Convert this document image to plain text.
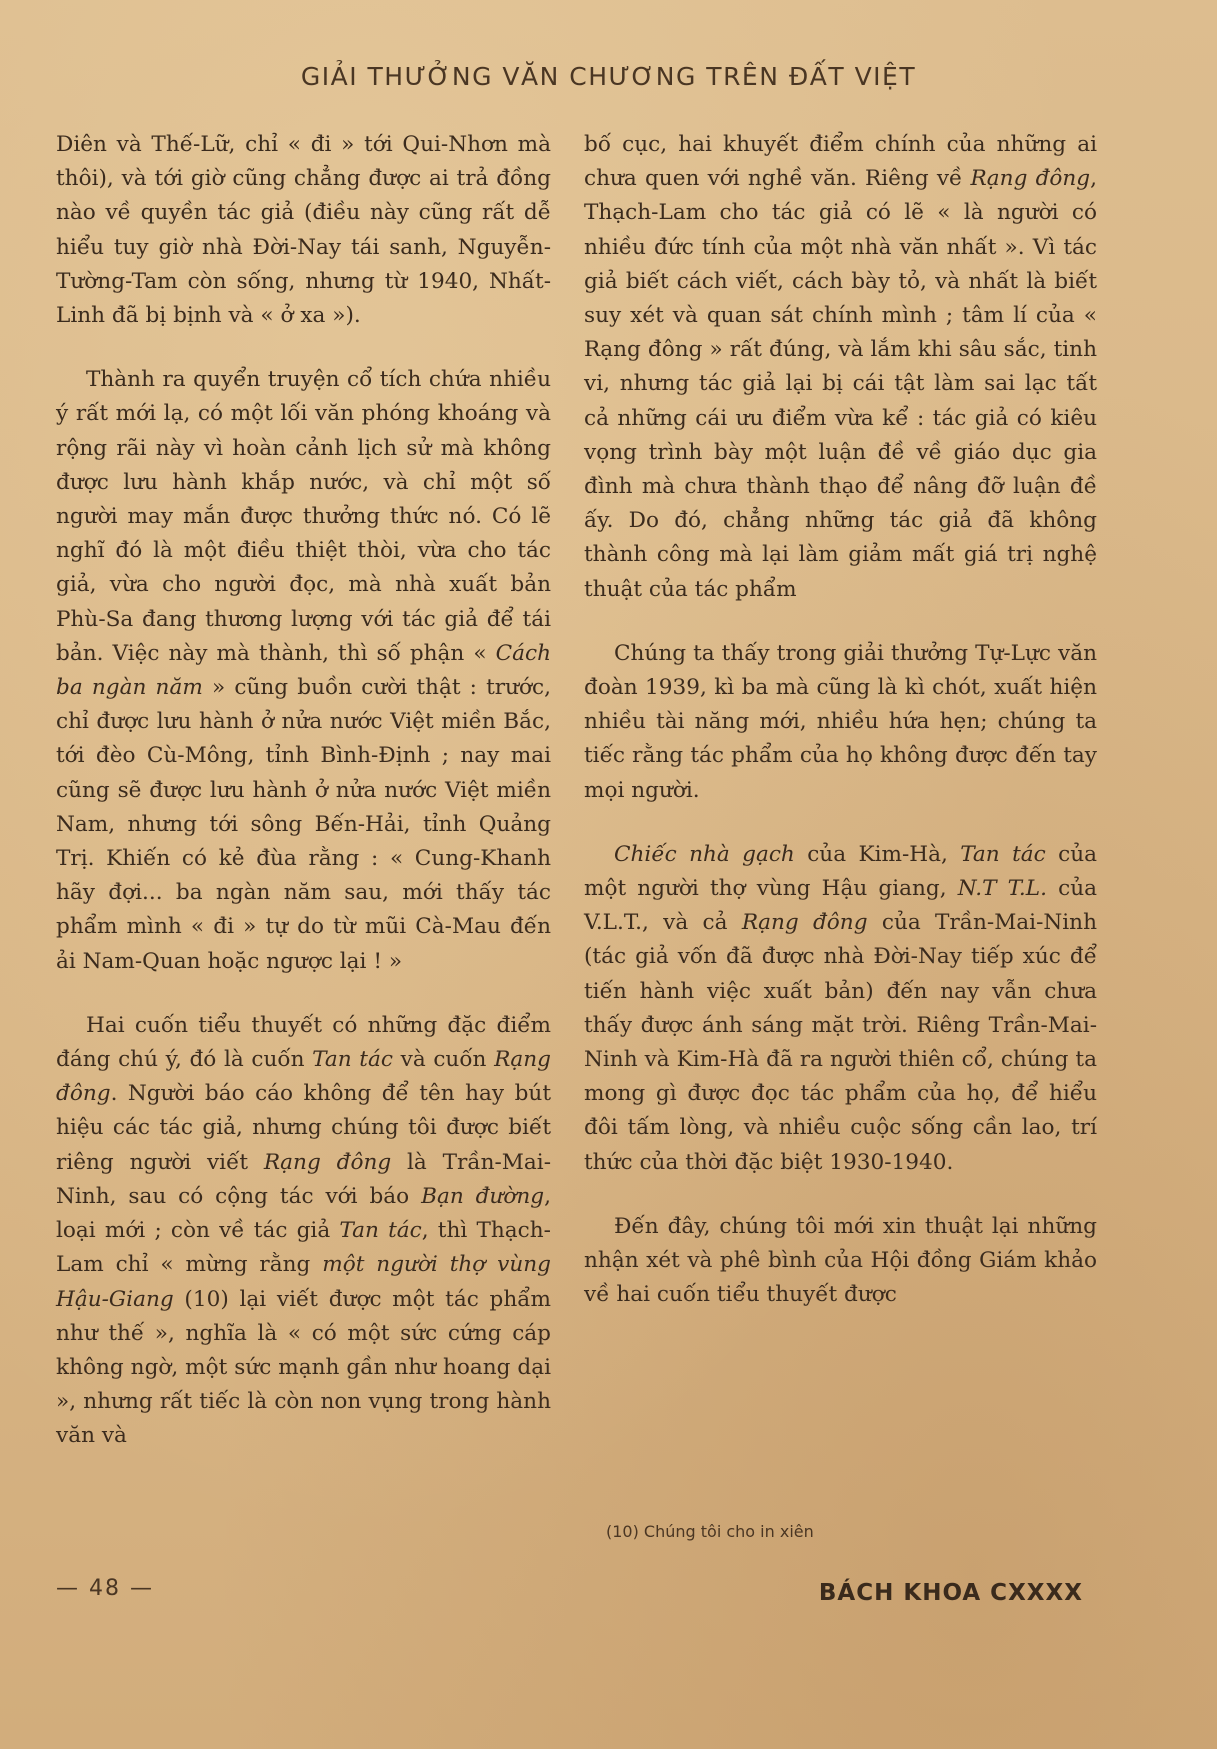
GIẢI THƯỞNG VĂN CHƯƠNG TRÊN ĐẤT VIỆT

Diên và Thế-Lữ, chỉ « đi » tới Qui-Nhơn mà thôi), và tới giờ cũng chẳng được ai trả đồng nào về quyền tác giả (điều này cũng rất dễ hiểu tuy giờ nhà Đời-Nay tái sanh, Nguyễn-Tường-Tam còn sống, nhưng từ 1940, Nhất-Linh đã bị bịnh và « ở xa »).

Thành ra quyển truyện cổ tích chứa nhiều ý rất mới lạ, có một lối văn phóng khoáng và rộng rãi này vì hoàn cảnh lịch sử mà không được lưu hành khắp nước, và chỉ một số người may mắn được thưởng thức nó. Có lẽ nghĩ đó là một điều thiệt thòi, vừa cho tác giả, vừa cho người đọc, mà nhà xuất bản Phù-Sa đang thương lượng với tác giả để tái bản. Việc này mà thành, thì số phận « Cách ba ngàn năm » cũng buồn cười thật : trước, chỉ được lưu hành ở nửa nước Việt miền Bắc, tới đèo Cù-Mông, tỉnh Bình-Định ; nay mai cũng sẽ được lưu hành ở nửa nước Việt miền Nam, nhưng tới sông Bến-Hải, tỉnh Quảng Trị. Khiến có kẻ đùa rằng : « Cung-Khanh hãy đợi... ba ngàn năm sau, mới thấy tác phẩm mình « đi » tự do từ mũi Cà-Mau đến ải Nam-Quan hoặc ngược lại ! »

Hai cuốn tiểu thuyết có những đặc điểm đáng chú ý, đó là cuốn Tan tác và cuốn Rạng đông. Người báo cáo không để tên hay bút hiệu các tác giả, nhưng chúng tôi được biết riêng người viết Rạng đông là Trần-Mai-Ninh, sau có cộng tác với báo Bạn đường, loại mới ; còn về tác giả Tan tác, thì Thạch-Lam chỉ « mừng rằng một người thợ vùng Hậu-Giang (10) lại viết được một tác phẩm như thế », nghĩa là « có một sức cứng cáp không ngờ, một sức mạnh gần như hoang dại », nhưng rất tiếc là còn non vụng trong hành văn và

bố cục, hai khuyết điểm chính của những ai chưa quen với nghề văn. Riêng về Rạng đông, Thạch-Lam cho tác giả có lẽ « là người có nhiều đức tính của một nhà văn nhất ». Vì tác giả biết cách viết, cách bày tỏ, và nhất là biết suy xét và quan sát chính mình ; tâm lí của « Rạng đông » rất đúng, và lắm khi sâu sắc, tinh vi, nhưng tác giả lại bị cái tật làm sai lạc tất cả những cái ưu điểm vừa kể : tác giả có kiêu vọng trình bày một luận đề về giáo dục gia đình mà chưa thành thạo để nâng đỡ luận đề ấy. Do đó, chẳng những tác giả đã không thành công mà lại làm giảm mất giá trị nghệ thuật của tác phẩm

Chúng ta thấy trong giải thưởng Tự-Lực văn đoàn 1939, kì ba mà cũng là kì chót, xuất hiện nhiều tài năng mới, nhiều hứa hẹn; chúng ta tiếc rằng tác phẩm của họ không được đến tay mọi người.

Chiếc nhà gạch của Kim-Hà, Tan tác của một người thợ vùng Hậu giang, N.T T.L. của V.L.T., và cả Rạng đông của Trần-Mai-Ninh (tác giả vốn đã được nhà Đời-Nay tiếp xúc để tiến hành việc xuất bản) đến nay vẫn chưa thấy được ánh sáng mặt trời. Riêng Trần-Mai-Ninh và Kim-Hà đã ra người thiên cổ, chúng ta mong gì được đọc tác phẩm của họ, để hiểu đôi tấm lòng, và nhiều cuộc sống cần lao, trí thức của thời đặc biệt 1930-1940.

Đến đây, chúng tôi mới xin thuật lại những nhận xét và phê bình của Hội đồng Giám khảo về hai cuốn tiểu thuyết được

(10) Chúng tôi cho in xiên
— 48 —	BÁCH KHOA CXXXX
